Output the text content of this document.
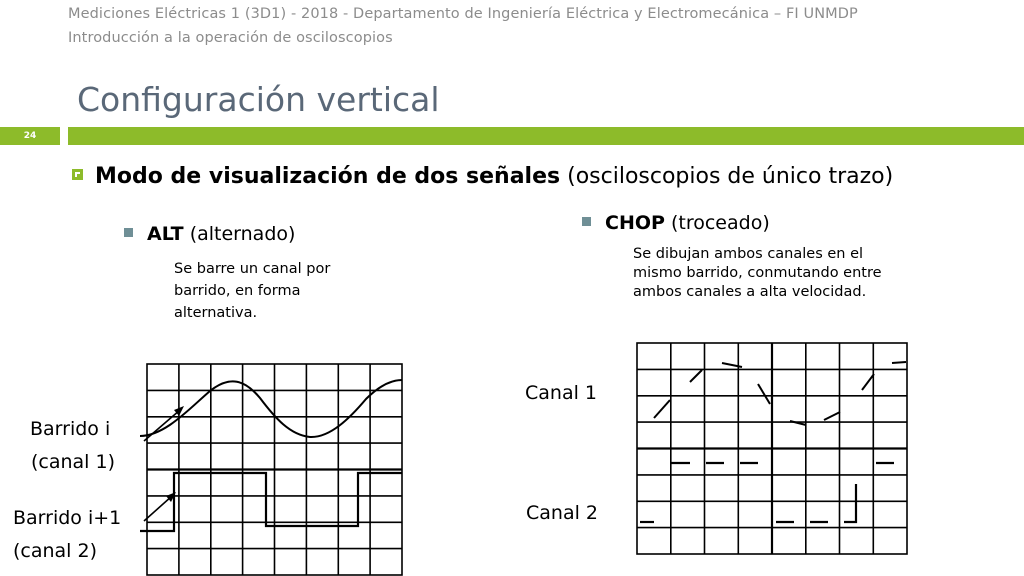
Mediciones Eléctricas 1 (3D1) - 2018 - Departamento de Ingeniería Eléctrica y Electromecánica – FI UNMDP
Introducción a la operación de osciloscopios
Configuración vertical
24
Modo de visualización de dos señales (osciloscopios de único trazo)
ALT (alternado)
Se barre un canal por barrido, en forma alternativa.
CHOP (troceado)
Se dibujan ambos canales en el mismo barrido, conmutando entre ambos canales a alta velocidad.
Barrido i
(canal 1)
Barrido i+1
(canal 2)
Canal 1
Canal 2
